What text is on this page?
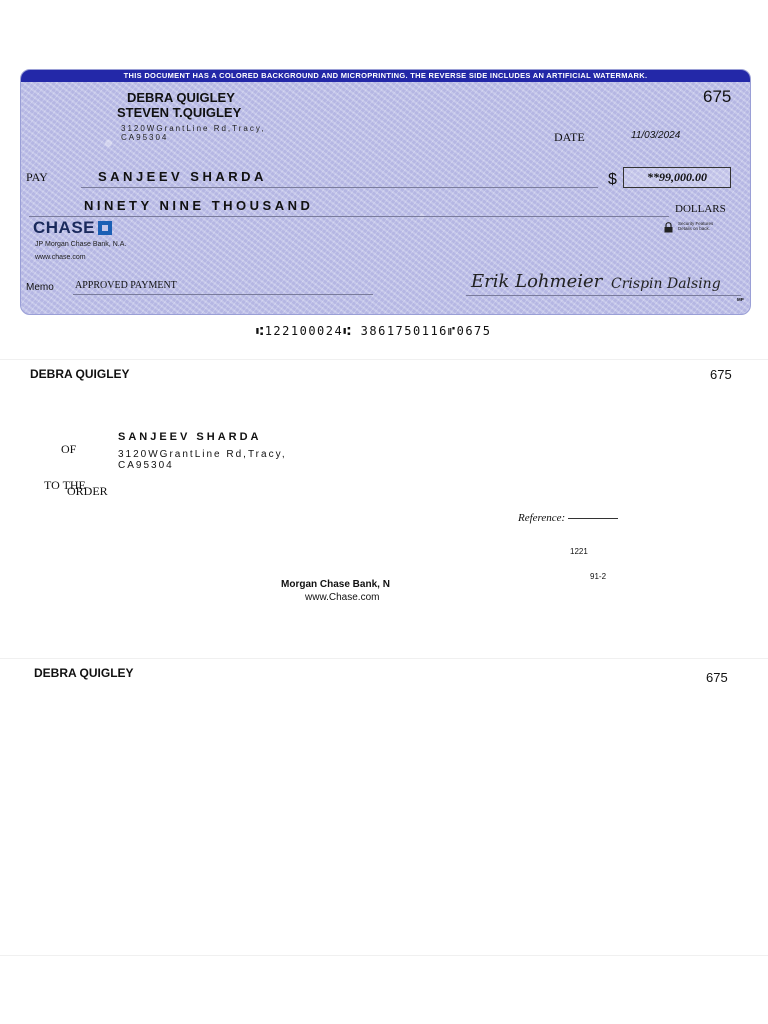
THIS DOCUMENT HAS A COLORED BACKGROUND AND MICROPRINTING. THE REVERSE SIDE INCLUDES AN ARTIFICIAL WATERMARK.
DEBRA QUIGLEY
STEVEN T.QUIGLEY
3120WGrantLine Rd,Tracy,
CA95304
675
DATE	11/03/2024
PAY	SANJEEV SHARDA	$	**99,000.00
NINETY NINE THOUSAND	DOLLARS
Security Features Details on back.
CHASE
JP Morgan Chase Bank, N.A.
www.chase.com
Memo APPROVED PAYMENT	Erik Lohmeier Crispin Dalsing
MP
⑆122100024⑆ 3861750116⑈0675
DEBRA QUIGLEY	675
OF
TO THE
ORDER
SANJEEV SHARDA
3120WGrantLine Rd,Tracy,
CA95304
Reference:
1221
91-2
Morgan Chase Bank, N
www.Chase.com
DEBRA QUIGLEY	675
